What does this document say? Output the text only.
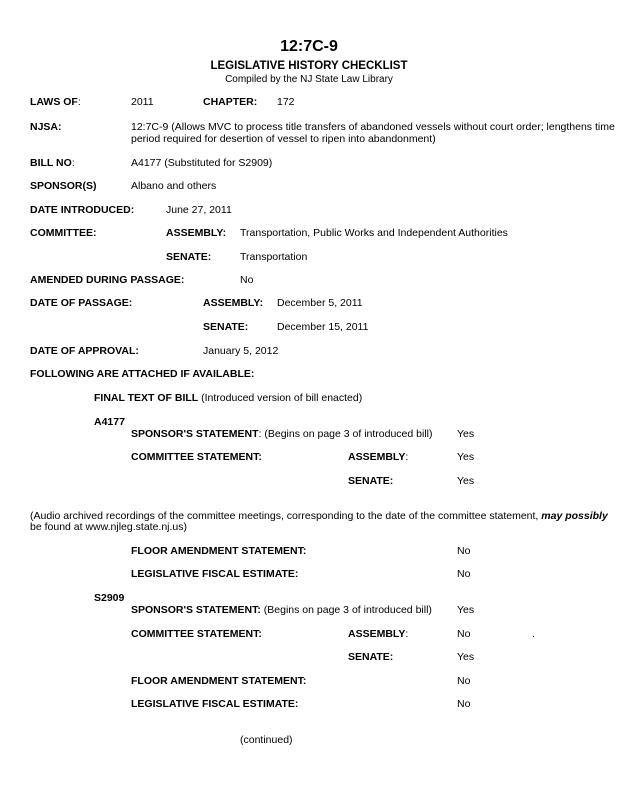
12:7C-9
LEGISLATIVE HISTORY CHECKLIST
Compiled by the NJ State Law Library
LAWS OF:	2011	CHAPTER: 172
NJSA:	12:7C-9 (Allows MVC to process title transfers of abandoned vessels without court order; lengthens time
period required for desertion of vessel to ripen into abandonment)
BILL NO:	A4177 (Substituted for S2909)
SPONSOR(S)	Albano and others
DATE INTRODUCED:	June 27, 2011
COMMITTEE:	ASSEMBLY: Transportation, Public Works and Independent Authorities
SENATE:	Transportation
AMENDED DURING PASSAGE:	No
DATE OF PASSAGE:	ASSEMBLY: December 5, 2011
SENATE:	December 15, 2011
DATE OF APPROVAL:	January 5, 2012
FOLLOWING ARE ATTACHED IF AVAILABLE:
FINAL TEXT OF BILL (Introduced version of bill enacted)
A4177
SPONSOR'S STATEMENT: (Begins on page 3 of introduced bill) Yes
COMMITTEE STATEMENT:	ASSEMBLY:	Yes
SENATE:	Yes
(Audio archived recordings of the committee meetings, corresponding to the date of the committee statement, may possibly
be found at www.njleg.state.nj.us)
FLOOR AMENDMENT STATEMENT:	No
LEGISLATIVE FISCAL ESTIMATE:	No
S2909
SPONSOR'S STATEMENT: (Begins on page 3 of introduced bill) Yes
COMMITTEE STATEMENT:	ASSEMBLY:	No	.
SENATE:	Yes
FLOOR AMENDMENT STATEMENT:	No
LEGISLATIVE FISCAL ESTIMATE:	No
(continued)
